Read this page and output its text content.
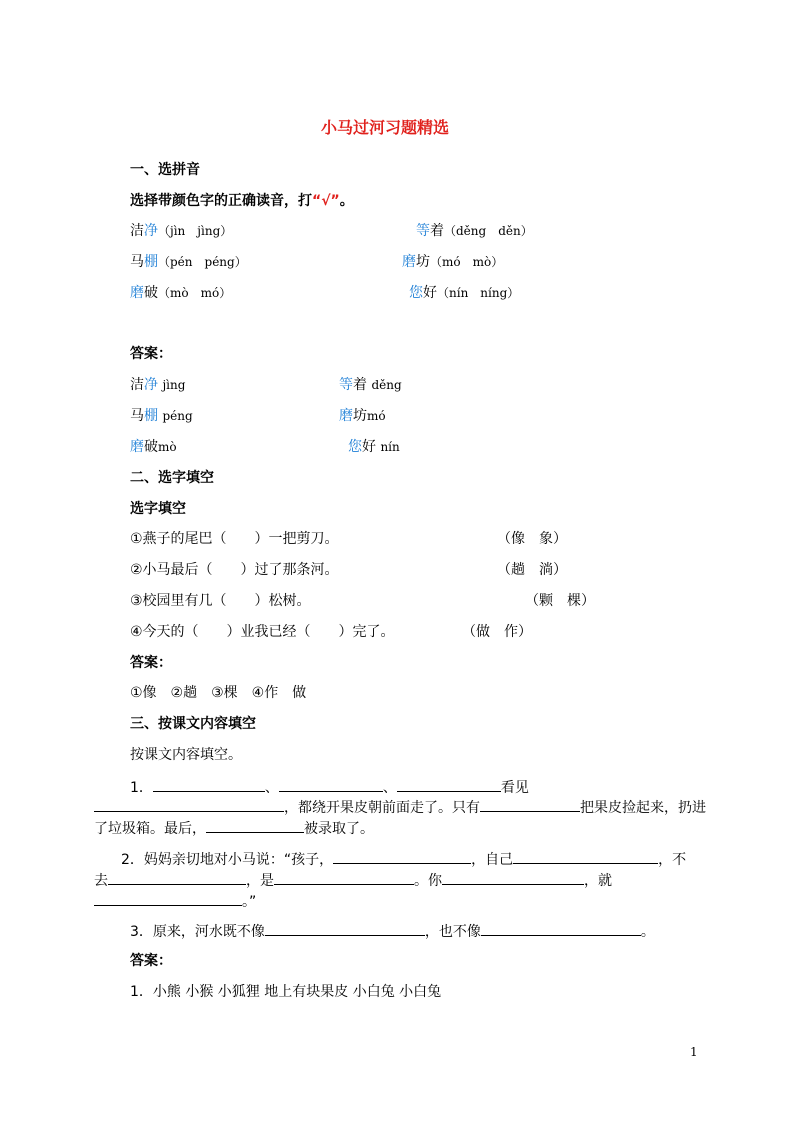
小马过河习题精选
一、选拼音
选择带颜色字的正确读音，打“√”。
洁净（jìn　jìng）	等着（děng　děn）
马棚（pén　péng）	磨坊（mó　mò）
磨破（mò　mó）	您好（nín　níng）
答案：
洁净 jìng	等着 děng
马棚 péng	磨坊mó
磨破mò	您好 nín
二、选字填空
选字填空
①燕子的尾巴（　　）一把剪刀。	（像　象）
②小马最后（　　）过了那条河。	（趟　淌）
③校园里有几（　　）松树。	（颗　棵）
④今天的（　　）业我已经（　　）完了。	（做　作）
答案：
①像　②趟　③棵　④作　做
三、按课文内容填空
按课文内容填空。
1．	、	、	看见
，都绕开果皮朝前面走了。只有	把果皮捡起来，扔进
了垃圾箱。最后，	被录取了。
2．妈妈亲切地对小马说：“孩子，	，自己	，不
去	，是	。你	，就
。”
3．原来，河水既不像	，也不像	。
答案：
1．小熊 小猴 小狐狸 地上有块果皮 小白兔 小白兔
1
